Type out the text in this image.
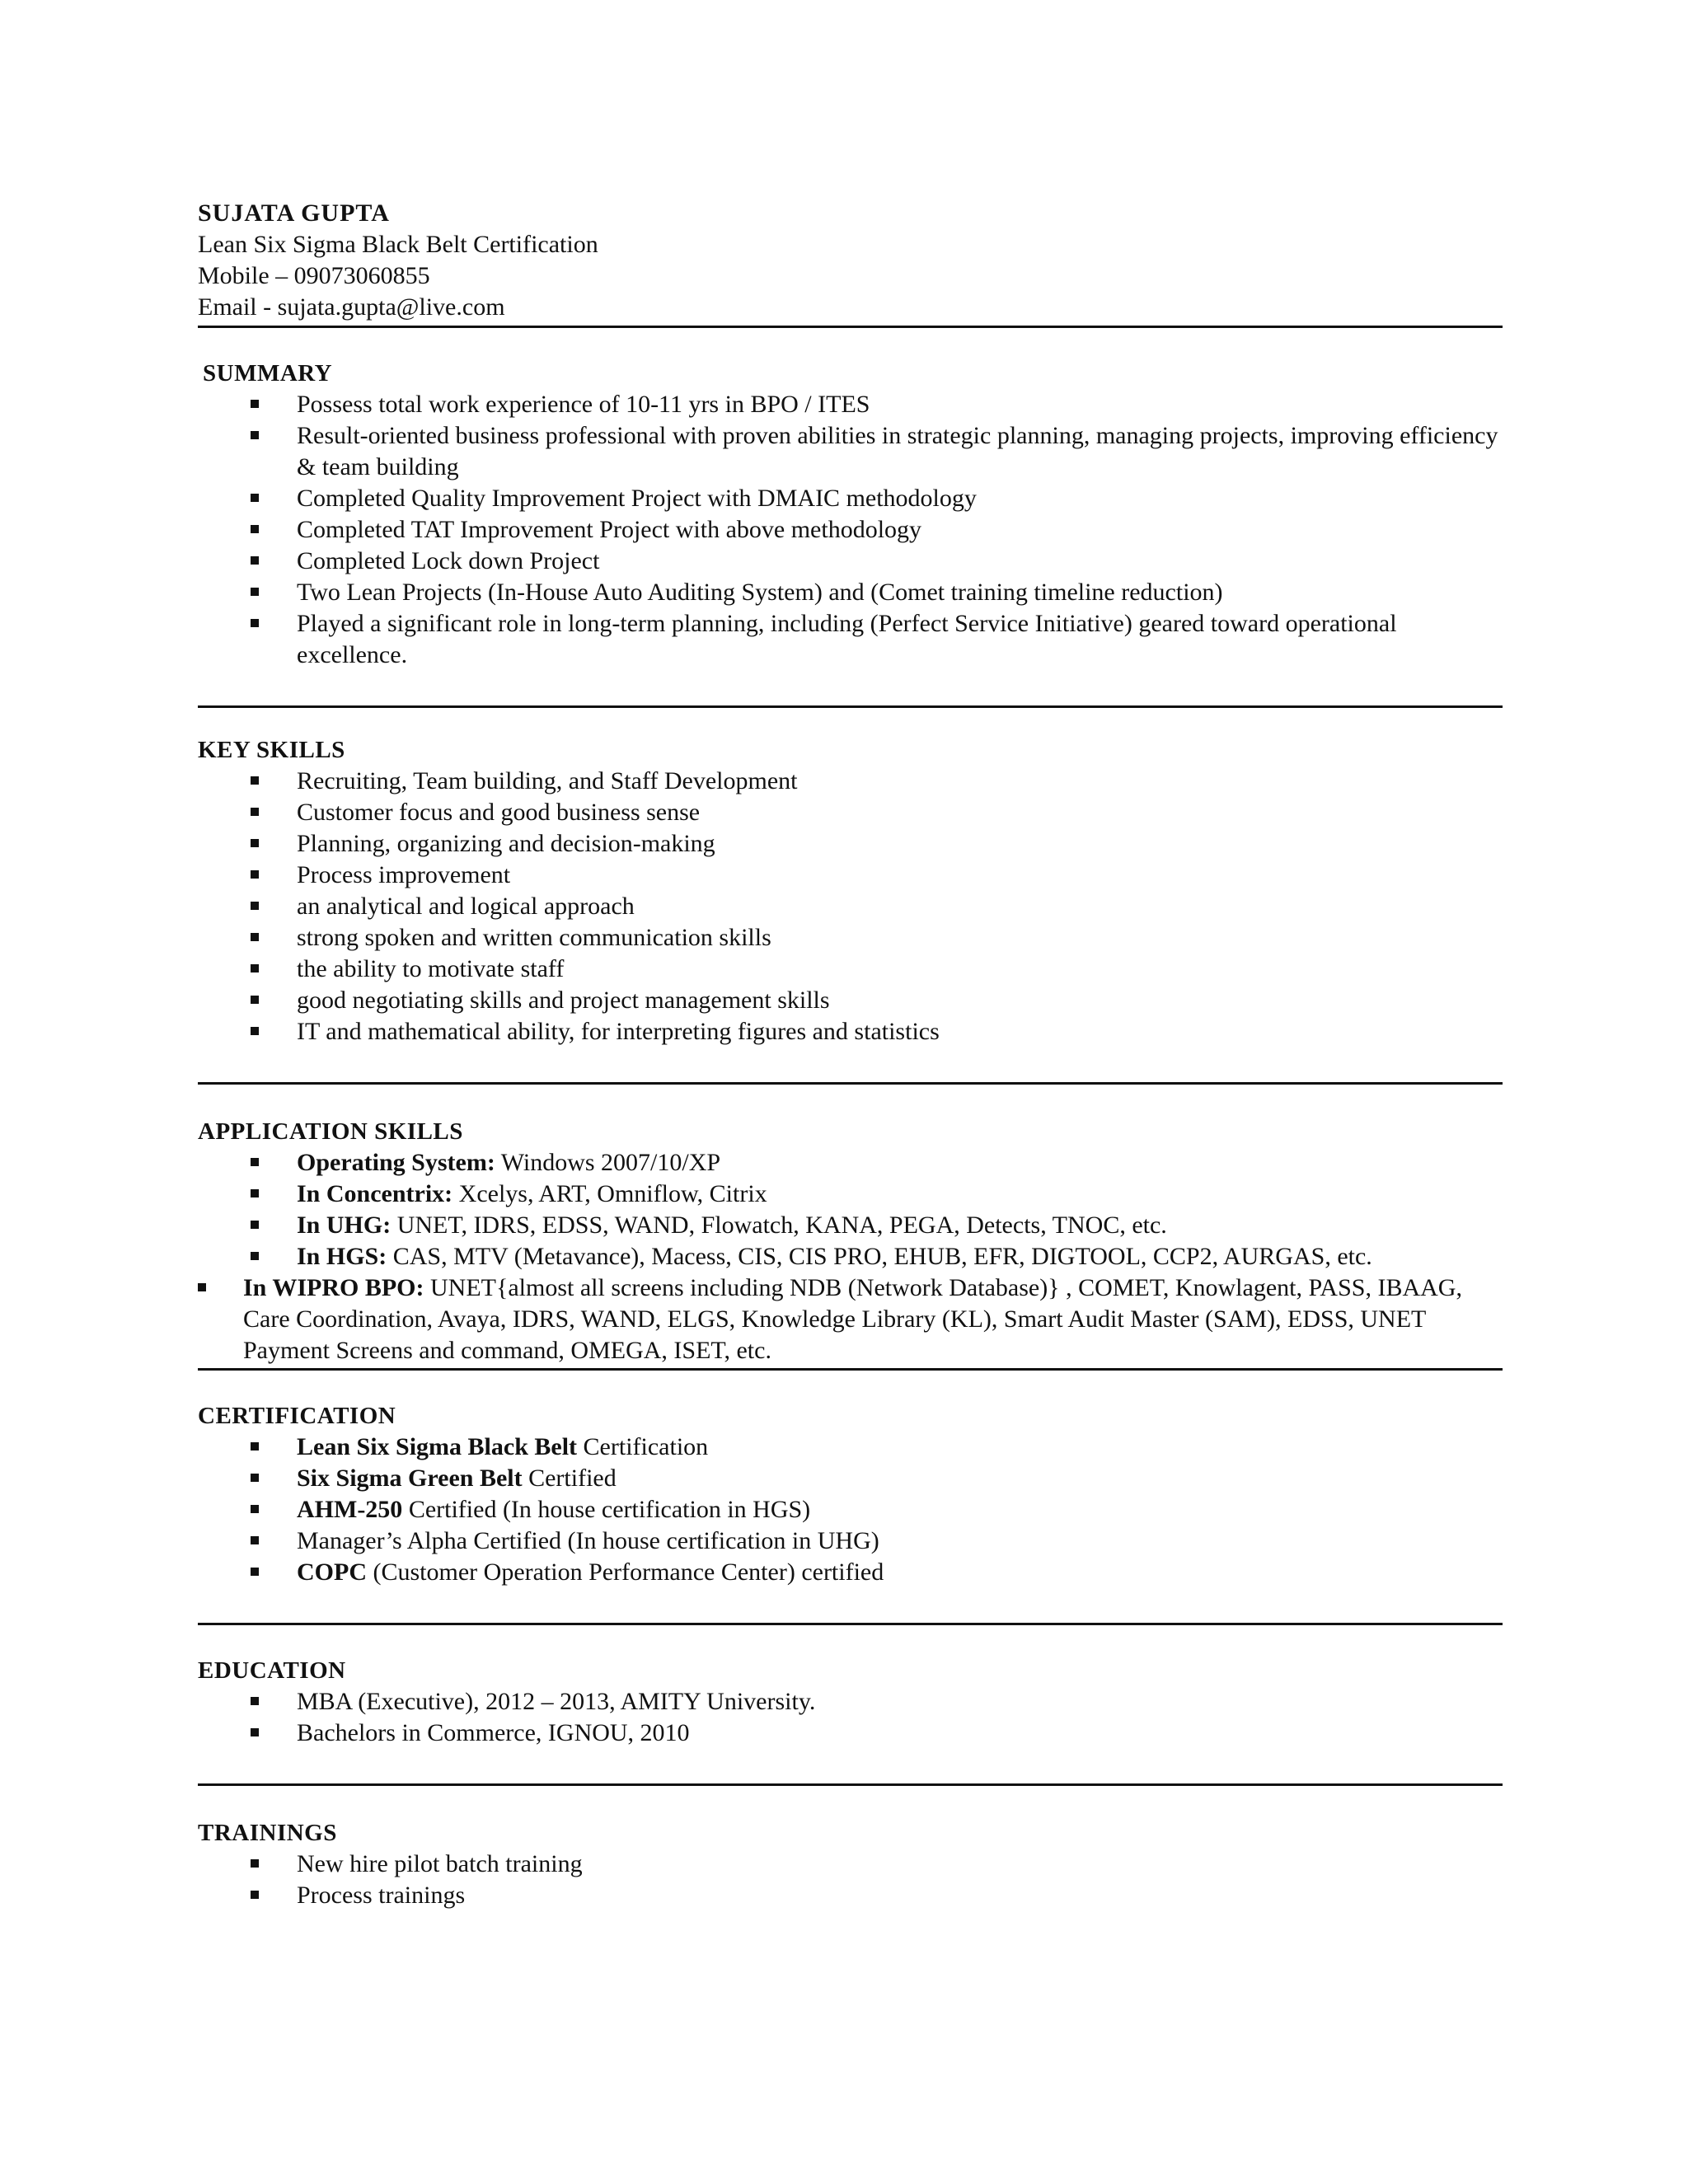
SUJATA GUPTA

Lean Six Sigma Black Belt Certification

Mobile – 09073060855

Email - sujata.gupta@live.com

SUMMARY

Possess total work experience of 10-11 yrs in BPO / ITES
Result-oriented business professional with proven abilities in strategic planning, managing projects, improving efficiency & team building
Completed Quality Improvement Project with DMAIC methodology
Completed TAT Improvement Project with above methodology
Completed Lock down Project
Two Lean Projects (In-House Auto Auditing System) and (Comet training timeline reduction)
Played a significant role in long-term planning, including (Perfect Service Initiative) geared toward operational excellence.

KEY SKILLS

Recruiting, Team building, and Staff Development
Customer focus and good business sense
Planning, organizing and decision-making
Process improvement
an analytical and logical approach
strong spoken and written communication skills
the ability to motivate staff
good negotiating skills and project management skills
IT and mathematical ability, for interpreting figures and statistics

APPLICATION SKILLS

Operating System: Windows 2007/10/XP
In Concentrix: Xcelys, ART, Omniflow, Citrix
In UHG: UNET, IDRS, EDSS, WAND, Flowatch, KANA, PEGA, Detects, TNOC, etc.
In HGS: CAS, MTV (Metavance), Macess, CIS, CIS PRO, EHUB, EFR, DIGTOOL, CCP2, AURGAS, etc.
In WIPRO BPO: UNET{almost all screens including NDB (Network Database)} , COMET, Knowlagent, PASS, IBAAG, Care Coordination, Avaya, IDRS, WAND, ELGS, Knowledge Library (KL), Smart Audit Master (SAM), EDSS, UNET Payment Screens and command, OMEGA, ISET, etc.

CERTIFICATION

Lean Six Sigma Black Belt Certification
Six Sigma Green Belt Certified
AHM-250 Certified (In house certification in HGS)
Manager’s Alpha Certified (In house certification in UHG)
COPC (Customer Operation Performance Center) certified

EDUCATION

MBA (Executive), 2012 – 2013, AMITY University.
Bachelors in Commerce, IGNOU, 2010

TRAININGS

New hire pilot batch training
Process trainings
